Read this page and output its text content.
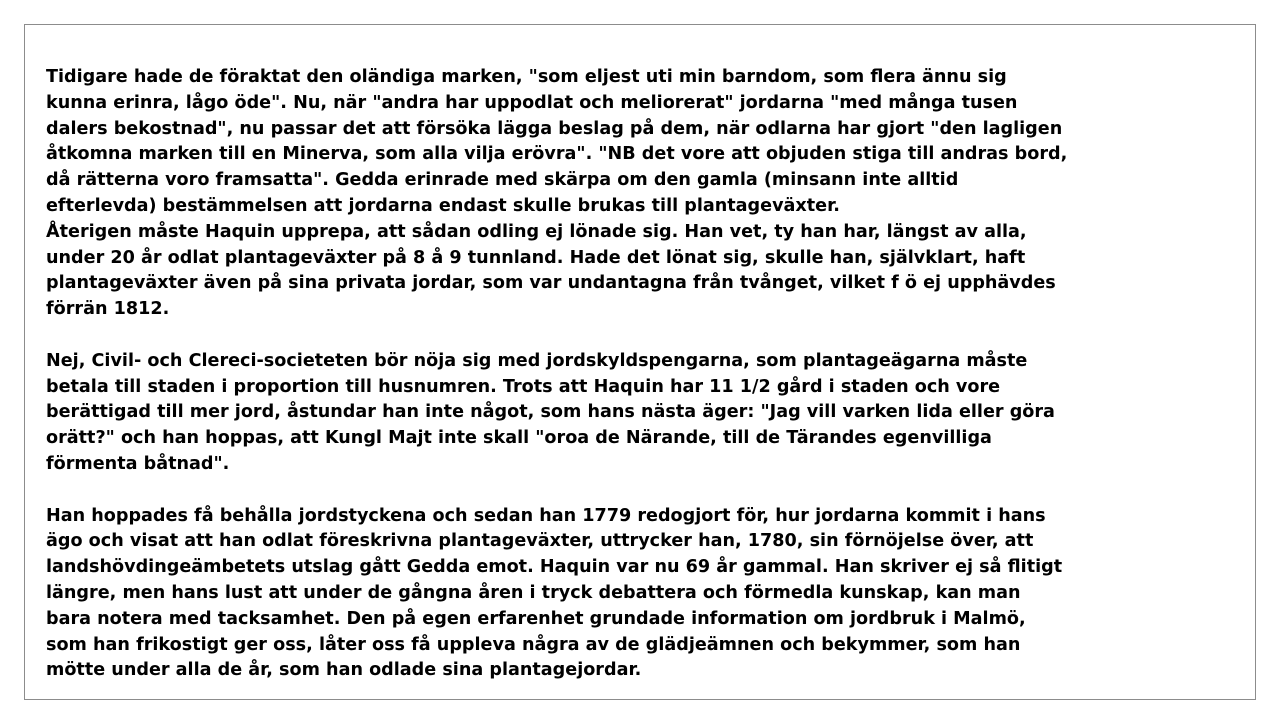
Tidigare hade de föraktat den oländiga marken, "som eljest uti min barndom, som flera ännu sig
kunna erinra, lågo öde". Nu, när "andra har uppodlat och meliorerat" jordarna "med många tusen
dalers bekostnad", nu passar det att försöka lägga beslag på dem, när odlarna har gjort "den lagligen
åtkomna marken till en Minerva, som alla vilja erövra". "NB det vore att objuden stiga till andras bord,
då rätterna voro framsatta". Gedda erinrade med skärpa om den gamla (minsann inte alltid
efterlevda) bestämmelsen att jordarna endast skulle brukas till plantageväxter.

Återigen måste Haquin upprepa, att sådan odling ej lönade sig. Han vet, ty han har, längst av alla,
under 20 år odlat plantageväxter på 8 å 9 tunnland. Hade det lönat sig, skulle han, självklart, haft
plantageväxter även på sina privata jordar, som var undantagna från tvånget, vilket f ö ej upphävdes
förrän 1812.

Nej, Civil- och Clereci-societeten bör nöja sig med jordskyldspengarna, som plantageägarna måste
betala till staden i proportion till husnumren. Trots att Haquin har 11 1/2 gård i staden och vore
berättigad till mer jord, åstundar han inte något, som hans nästa äger: "Jag vill varken lida eller göra
orätt?" och han hoppas, att Kungl Majt inte skall "oroa de Närande, till de Tärandes egenvilliga
förmenta båtnad".

Han hoppades få behålla jordstyckena och sedan han 1779 redogjort för, hur jordarna kommit i hans
ägo och visat att han odlat föreskrivna plantageväxter, uttrycker han, 1780, sin förnöjelse över, att
landshövdingeämbetets utslag gått Gedda emot. Haquin var nu 69 år gammal. Han skriver ej så flitigt
längre, men hans lust att under de gångna åren i tryck debattera och förmedla kunskap, kan man
bara notera med tacksamhet. Den på egen erfarenhet grundade information om jordbruk i Malmö,
som han frikostigt ger oss, låter oss få uppleva några av de glädjeämnen och bekymmer, som han
mötte under alla de år, som han odlade sina plantagejordar.
